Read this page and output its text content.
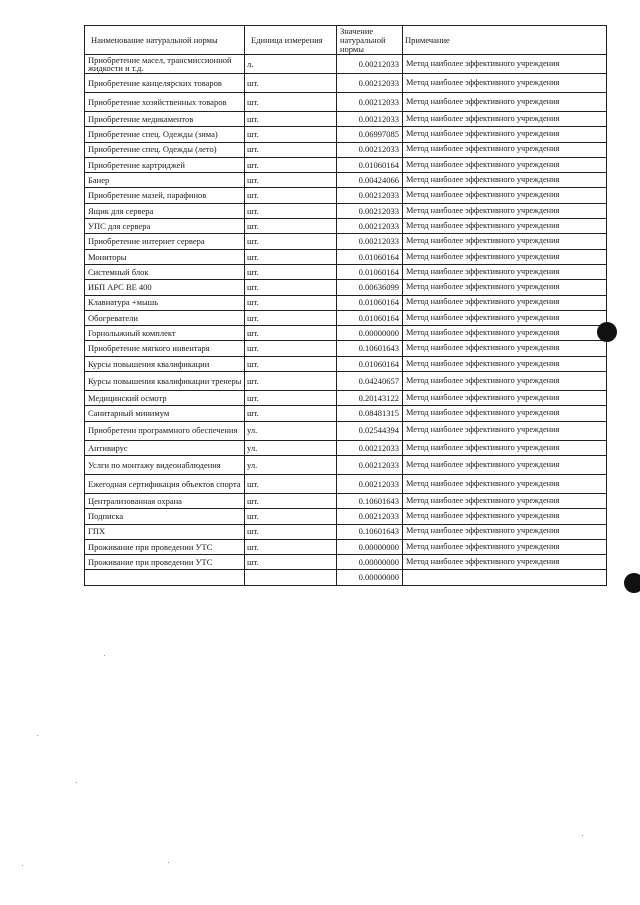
Наименование натуральной нормы	Единица измерения	Значение натуральной нормы	Примечание
Приобретение масел, трансмиссионной жидкости и т.д.	л.	0.00212033	Метод наиболее эффективного учреждения
Приобретение канцелярских товаров	шт.	0.00212033	Метод наиболее эффективного учреждения
Приобретение хозяйственных товаров	шт.	0.00212033	Метод наиболее эффективного учреждения
Приобретение медикаментов	шт.	0.00212033	Метод наиболее эффективного учреждения
Приобретение спец. Одежды (зима)	шт.	0.06997085	Метод наиболее эффективного учреждения
Приобретение спец. Одежды (лето)	шт.	0.00212033	Метод наиболее эффективного учреждения
Приобретение картриджей	шт.	0.01060164	Метод наиболее эффективного учреждения
Банер	шт.	0.00424066	Метод наиболее эффективного учреждения
Приобретение мазей, парафинов	шт.	0.00212033	Метод наиболее эффективного учреждения
Ящик для сервера	шт.	0.00212033	Метод наиболее эффективного учреждения
УПС для сервера	шт.	0.00212033	Метод наиболее эффективного учреждения
Приобретение интернет сервера	шт.	0.00212033	Метод наиболее эффективного учреждения
Мониторы	шт.	0.01060164	Метод наиболее эффективного учреждения
Системный блок	шт.	0.01060164	Метод наиболее эффективного учреждения
ИБП APC BE 400	шт.	0.00636099	Метод наиболее эффективного учреждения
Клавиатура +мышь	шт.	0.01060164	Метод наиболее эффективного учреждения
Обогреватели	шт.	0.01060164	Метод наиболее эффективного учреждения
Горнолыжный комплект	шт.	0.00000000	Метод наиболее эффективного учреждения
Приобретение мягкого инвентаря	шт.	0.10601643	Метод наиболее эффективного учреждения
Курсы повышения квалификации	шт.	0.01060164	Метод наиболее эффективного учреждения
Курсы повышения квалификации тренеры	шт.	0.04240657	Метод наиболее эффективного учреждения
Медицинский осмотр	шт.	0.20143122	Метод наиболее эффективного учреждения
Санитарный минимум	шт.	0.08481315	Метод наиболее эффективного учреждения
Приобретени программного обеспечения	ул.	0.02544394	Метод наиболее эффективного учреждения
Антивирус	ул.	0.00212033	Метод наиболее эффективного учреждения
Услги по монтажу видеонаблюдения	ул.	0.00212033	Метод наиболее эффективного учреждения
Ежегодная сертификация объектов спорта	шт.	0.00212033	Метод наиболее эффективного учреждения
Централизованная охрана	шт.	0.10601643	Метод наиболее эффективного учреждения
Подписка	шт.	0.00212033	Метод наиболее эффективного учреждения
ГПХ	шт.	0.10601643	Метод наиболее эффективного учреждения
Проживание при проведении УТС	шт.	0.00000000	Метод наиболее эффективного учреждения
Проживание при проведении УТС	шт.	0.00000000	Метод наиболее эффективного учреждения
		0.00000000	
